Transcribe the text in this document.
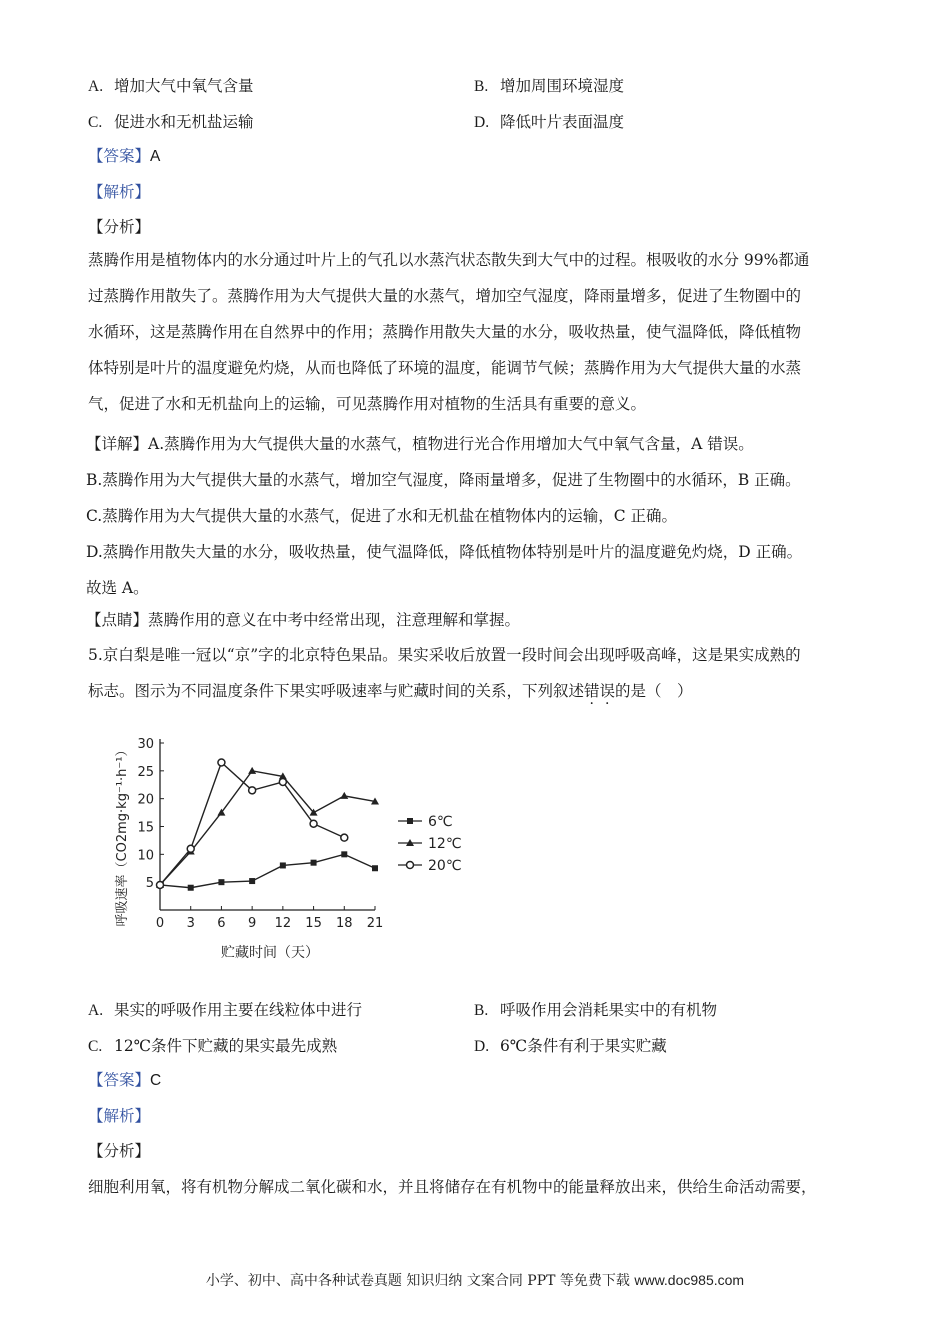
A. 增加大气中氧气含量	B. 增加周围环境湿度
C. 促进水和无机盐运输	D. 降低叶片表面温度
【答案】A
【解析】
【分析】
蒸腾作用是植物体内的水分通过叶片上的气孔以水蒸汽状态散失到大气中的过程。根吸收的水分 99%都通
过蒸腾作用散失了。蒸腾作用为大气提供大量的水蒸气，增加空气湿度，降雨量增多，促进了生物圈中的
水循环，这是蒸腾作用在自然界中的作用；蒸腾作用散失大量的水分，吸收热量，使气温降低，降低植物
体特别是叶片的温度避免灼烧，从而也降低了环境的温度，能调节气候；蒸腾作用为大气提供大量的水蒸
气，促进了水和无机盐向上的运输，可见蒸腾作用对植物的生活具有重要的意义。
【详解】A.蒸腾作用为大气提供大量的水蒸气，植物进行光合作用增加大气中氧气含量，A 错误。
B.蒸腾作用为大气提供大量的水蒸气，增加空气湿度，降雨量增多，促进了生物圈中的水循环，B 正确。
C.蒸腾作用为大气提供大量的水蒸气，促进了水和无机盐在植物体内的运输，C 正确。
D.蒸腾作用散失大量的水分，吸收热量，使气温降低，降低植物体特别是叶片的温度避免灼烧，D 正确。
故选 A。
【点睛】蒸腾作用的意义在中考中经常出现，注意理解和掌握。
5.京白梨是唯一冠以“京”字的北京特色果品。果实采收后放置一段时间会出现呼吸高峰，这是果实成熟的
标志。图示为不同温度条件下果实呼吸速率与贮藏时间的关系，下列叙述错误的是（　）
0 3 6 9 12 15 18 21
5
10
15
20
25
30
6℃
12℃
20℃
贮藏时间（天）
呼吸速率（CO2mg·kg⁻¹·h⁻¹）
A. 果实的呼吸作用主要在线粒体中进行	B. 呼吸作用会消耗果实中的有机物
C. 12℃条件下贮藏的果实最先成熟	D. 6℃条件有利于果实贮藏
【答案】C
【解析】
【分析】
细胞利用氧，将有机物分解成二氧化碳和水，并且将储存在有机物中的能量释放出来，供给生命活动需要，
小学、初中、高中各种试卷真题 知识归纳 文案合同 PPT 等免费下载 www.doc985.com
